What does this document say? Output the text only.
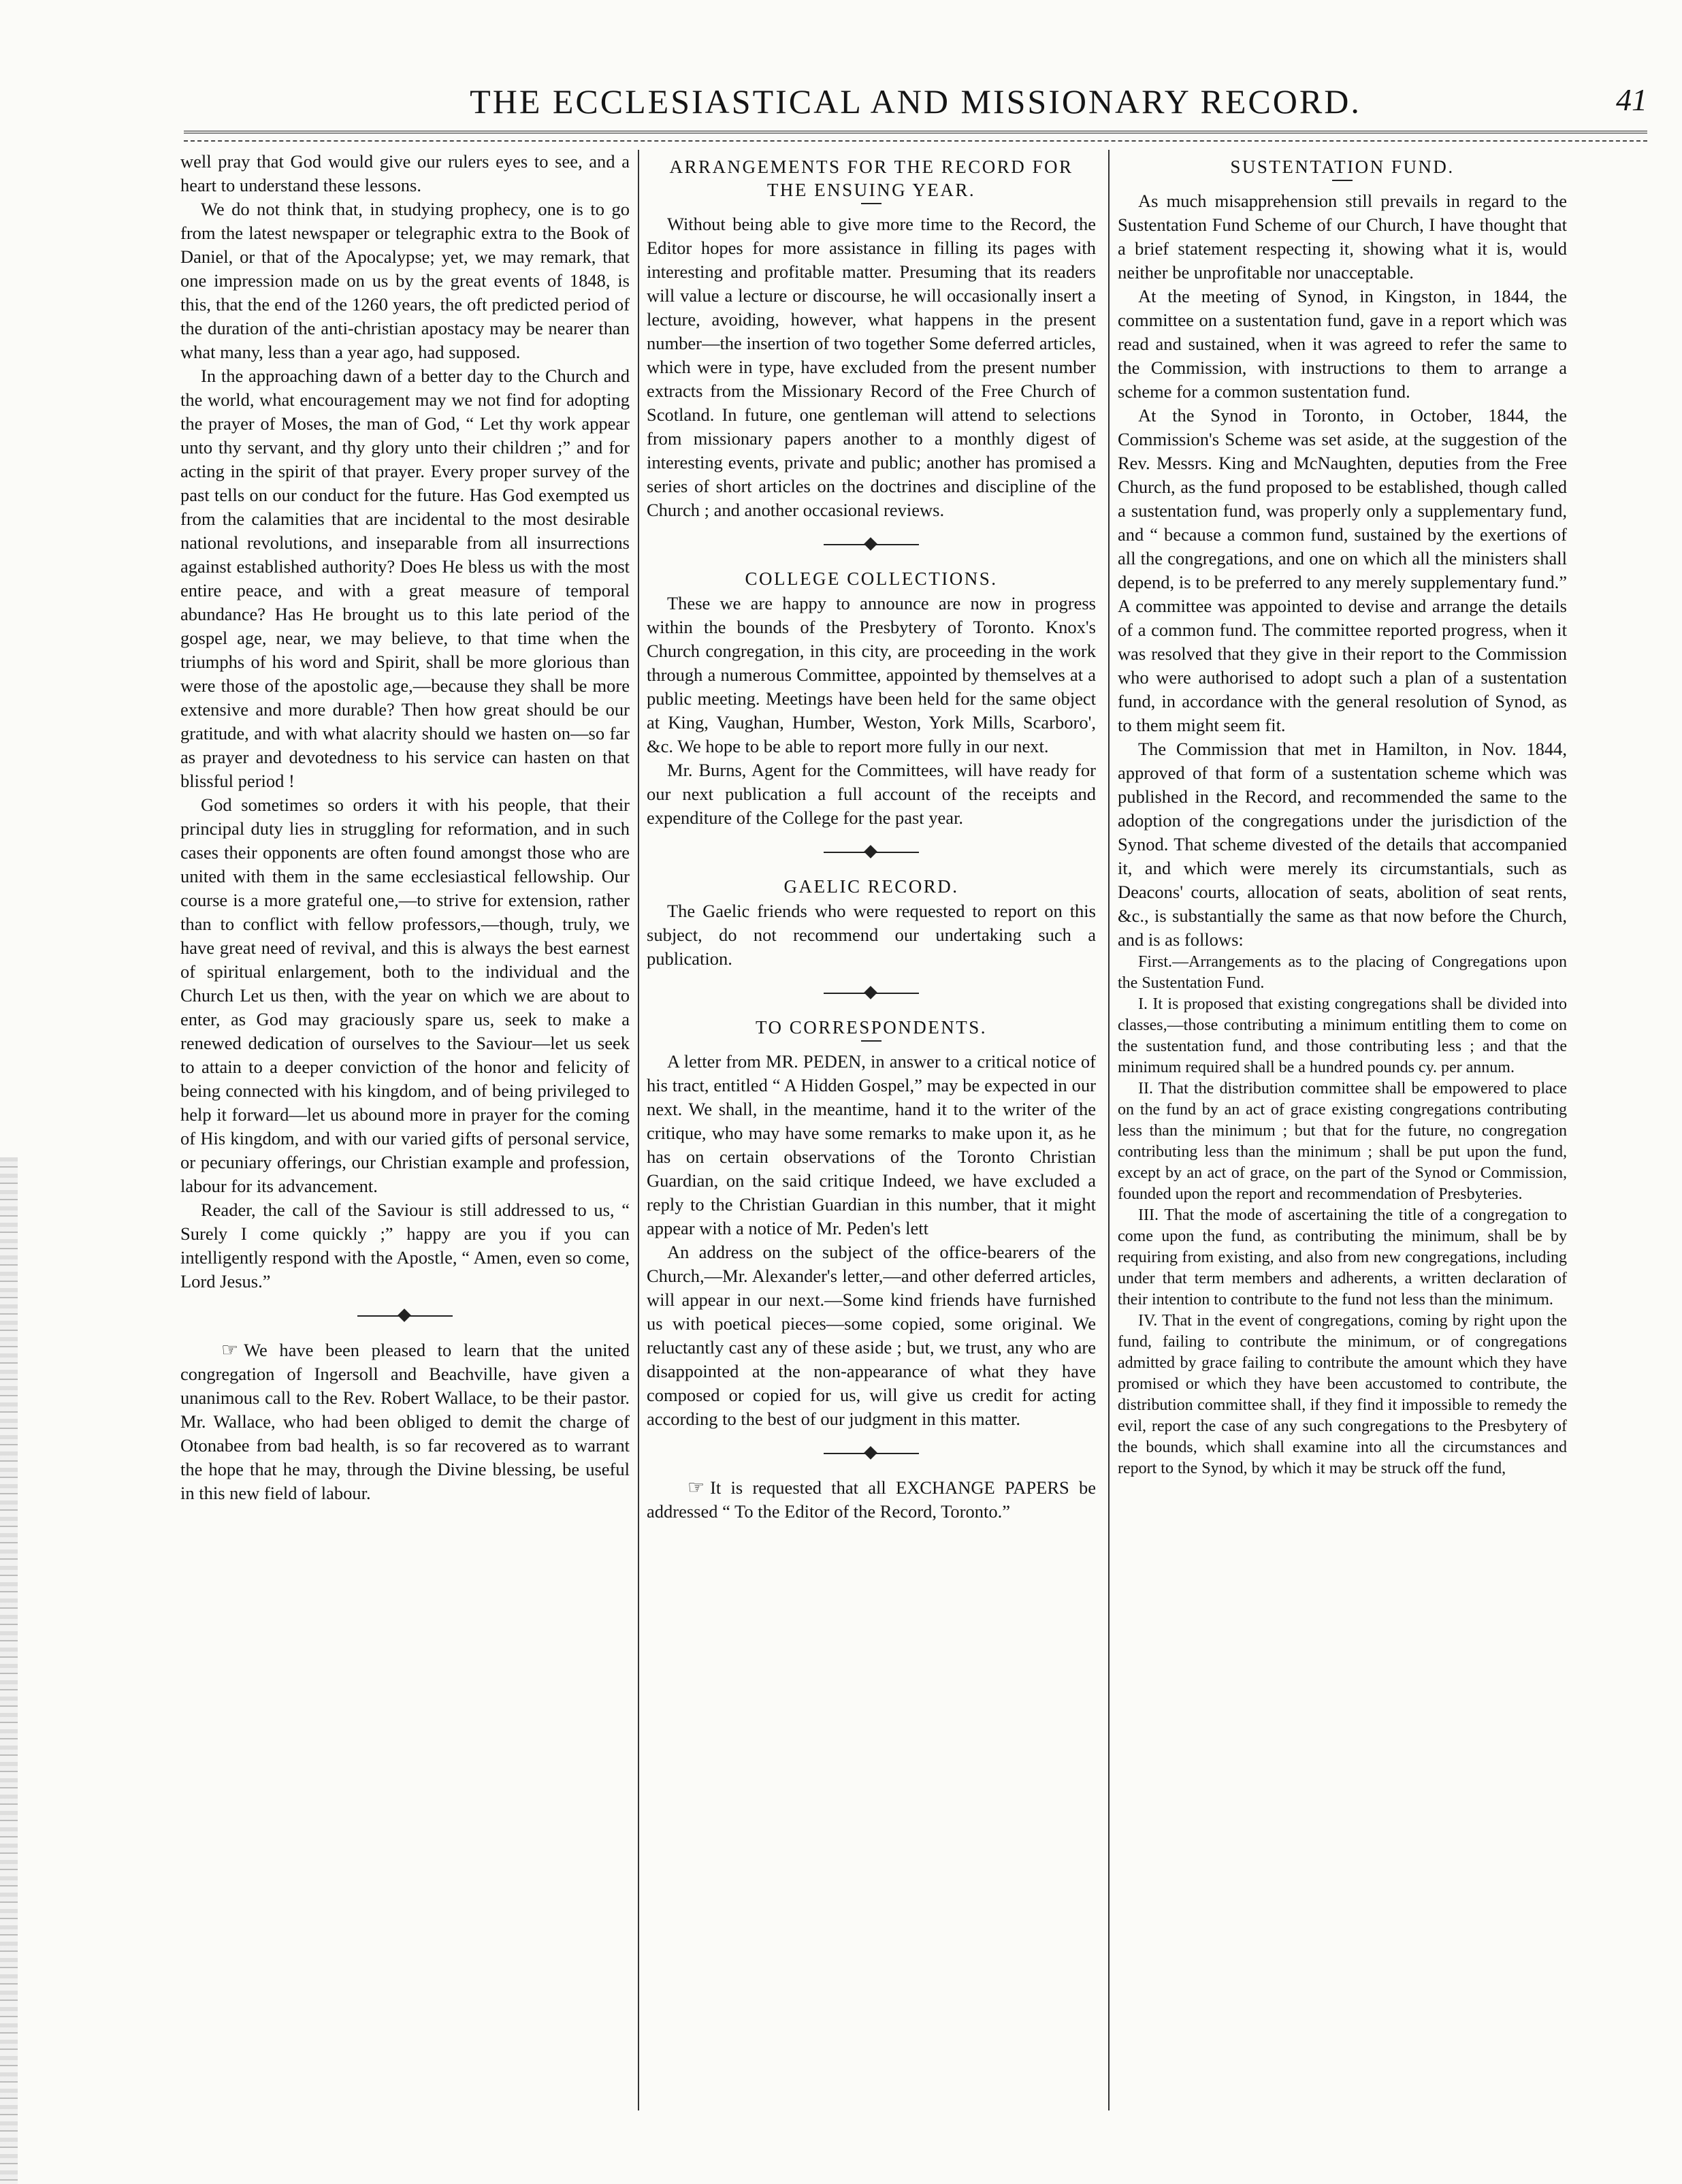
THE ECCLESIASTICAL AND MISSIONARY RECORD.	41

well pray that God would give our rulers eyes to see, and a heart to understand these lessons.

We do not think that, in studying prophecy, one is to go from the latest newspaper or telegraphic extra to the Book of Daniel, or that of the Apocalypse; yet, we may remark, that one impression made on us by the great events of 1848, is this, that the end of the 1260 years, the oft predicted period of the duration of the anti-christian apostacy may be nearer than what many, less than a year ago, had supposed.

In the approaching dawn of a better day to the Church and the world, what encouragement may we not find for adopting the prayer of Moses, the man of God, “ Let thy work appear unto thy servant, and thy glory unto their children ;” and for acting in the spirit of that prayer. Every proper survey of the past tells on our conduct for the future. Has God exempted us from the calamities that are incidental to the most desirable national revolutions, and inseparable from all insurrections against established authority? Does He bless us with the most entire peace, and with a great measure of temporal abundance? Has He brought us to this late period of the gospel age, near, we may believe, to that time when the triumphs of his word and Spirit, shall be more glorious than were those of the apostolic age,—because they shall be more extensive and more durable? Then how great should be our gratitude, and with what alacrity should we hasten on—so far as prayer and devotedness to his service can hasten on that blissful period !

God sometimes so orders it with his people, that their principal duty lies in struggling for reformation, and in such cases their opponents are often found amongst those who are united with them in the same ecclesiastical fellowship. Our course is a more grateful one,—to strive for extension, rather than to conflict with fellow professors,—though, truly, we have great need of revival, and this is always the best earnest of spiritual enlargement, both to the individual and the Church Let us then, with the year on which we are about to enter, as God may graciously spare us, seek to make a renewed dedication of ourselves to the Saviour—let us seek to attain to a deeper conviction of the honor and felicity of being connected with his kingdom, and of being privileged to help it forward—let us abound more in prayer for the coming of His kingdom, and with our varied gifts of personal service, or pecuniary offerings, our Christian example and profession, labour for its advancement.

Reader, the call of the Saviour is still addressed to us, “ Surely I come quickly ;” happy are you if you can intelligently respond with the Apostle, “ Amen, even so come, Lord Jesus.”

☞ We have been pleased to learn that the united congregation of Ingersoll and Beachville, have given a unanimous call to the Rev. Robert Wallace, to be their pastor. Mr. Wallace, who had been obliged to demit the charge of Otonabee from bad health, is so far recovered as to warrant the hope that he may, through the Divine blessing, be useful in this new field of labour.

ARRANGEMENTS FOR THE RECORD FOR THE ENSUING YEAR.

Without being able to give more time to the Record, the Editor hopes for more assistance in filling its pages with interesting and profitable matter. Presuming that its readers will value a lecture or discourse, he will occasionally insert a lecture, avoiding, however, what happens in the present number—the insertion of two together Some deferred articles, which were in type, have excluded from the present number extracts from the Missionary Record of the Free Church of Scotland. In future, one gentleman will attend to selections from missionary papers another to a monthly digest of interesting events, private and public; another has promised a series of short articles on the doctrines and discipline of the Church ; and another occasional reviews.

COLLEGE COLLECTIONS.

These we are happy to announce are now in progress within the bounds of the Presbytery of Toronto. Knox's Church congregation, in this city, are proceeding in the work through a numerous Committee, appointed by themselves at a public meeting. Meetings have been held for the same object at King, Vaughan, Humber, Weston, York Mills, Scarboro', &c. We hope to be able to report more fully in our next.

Mr. Burns, Agent for the Committees, will have ready for our next publication a full account of the receipts and expenditure of the College for the past year.

GAELIC RECORD.

The Gaelic friends who were requested to report on this subject, do not recommend our undertaking such a publication.

TO CORRESPONDENTS.

A letter from MR. PEDEN, in answer to a critical notice of his tract, entitled “ A Hidden Gospel,” may be expected in our next. We shall, in the meantime, hand it to the writer of the critique, who may have some remarks to make upon it, as he has on certain observations of the Toronto Christian Guardian, on the said critique Indeed, we have excluded a reply to the Christian Guardian in this number, that it might appear with a notice of Mr. Peden's lett

An address on the subject of the office-bearers of the Church,—Mr. Alexander's letter,—and other deferred articles, will appear in our next.—Some kind friends have furnished us with poetical pieces—some copied, some original. We reluctantly cast any of these aside ; but, we trust, any who are disappointed at the non-appearance of what they have composed or copied for us, will give us credit for acting according to the best of our judgment in this matter.

☞ It is requested that all EXCHANGE PAPERS be addressed “ To the Editor of the Record, Toronto.”

SUSTENTATION FUND.

As much misapprehension still prevails in regard to the Sustentation Fund Scheme of our Church, I have thought that a brief statement respecting it, showing what it is, would neither be unprofitable nor unacceptable.

At the meeting of Synod, in Kingston, in 1844, the committee on a sustentation fund, gave in a report which was read and sustained, when it was agreed to refer the same to the Commission, with instructions to them to arrange a scheme for a common sustentation fund.

At the Synod in Toronto, in October, 1844, the Commission's Scheme was set aside, at the suggestion of the Rev. Messrs. King and McNaughten, deputies from the Free Church, as the fund proposed to be established, though called a sustentation fund, was properly only a supplementary fund, and “ because a common fund, sustained by the exertions of all the congregations, and one on which all the ministers shall depend, is to be preferred to any merely supplementary fund.” A committee was appointed to devise and arrange the details of a common fund. The committee reported progress, when it was resolved that they give in their report to the Commission who were authorised to adopt such a plan of a sustentation fund, in accordance with the general resolution of Synod, as to them might seem fit.

The Commission that met in Hamilton, in Nov. 1844, approved of that form of a sustentation scheme which was published in the Record, and recommended the same to the adoption of the congregations under the jurisdiction of the Synod. That scheme divested of the details that accompanied it, and which were merely its circumstantials, such as Deacons' courts, allocation of seats, abolition of seat rents, &c., is substantially the same as that now before the Church, and is as follows:

First.—Arrangements as to the placing of Congregations upon the Sustentation Fund.

I. It is proposed that existing congregations shall be divided into classes,—those contributing a minimum entitling them to come on the sustentation fund, and those contributing less ; and that the minimum required shall be a hundred pounds cy. per annum.

II. That the distribution committee shall be empowered to place on the fund by an act of grace existing congregations contributing less than the minimum ; but that for the future, no congregation contributing less than the minimum ; shall be put upon the fund, except by an act of grace, on the part of the Synod or Commission, founded upon the report and recommendation of Presbyteries.

III. That the mode of ascertaining the title of a congregation to come upon the fund, as contributing the minimum, shall be by requiring from existing, and also from new congregations, including under that term members and adherents, a written declaration of their intention to contribute to the fund not less than the minimum.

IV. That in the event of congregations, coming by right upon the fund, failing to contribute the minimum, or of congregations admitted by grace failing to contribute the amount which they have promised or which they have been accustomed to contribute, the distribution committee shall, if they find it impossible to remedy the evil, report the case of any such congregations to the Presbytery of the bounds, which shall examine into all the circumstances and report to the Synod, by which it may be struck off the fund,
